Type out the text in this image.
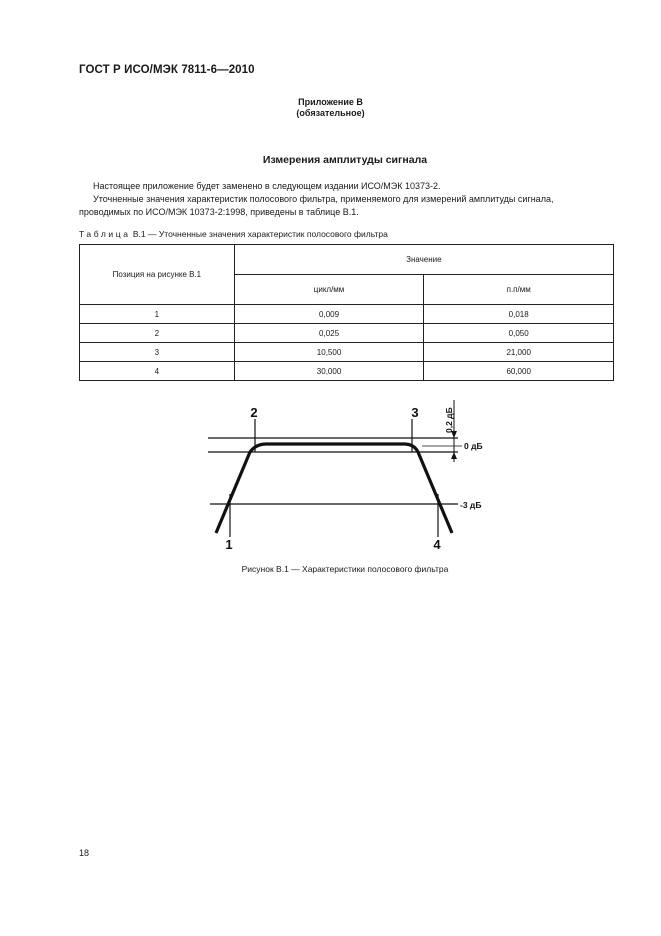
ГОСТ Р ИСО/МЭК 7811-6—2010
Приложение В
(обязательное)
Измерения амплитуды сигнала
Настоящее приложение будет заменено в следующем издании ИСО/МЭК 10373-2.
Уточненные значения характеристик полосового фильтра, применяемого для измерений амплитуды сигнала,
проводимых по ИСО/МЭК 10373-2:1998, приведены в таблице В.1.
Таблица В.1 — Уточненные значения характеристик полосового фильтра
Позиция на рисунке В.1	Значение	
	цикл/мм	п.п/мм
1	0,009	0,018
2	0,025	0,050
3	10,500	21,000
4	30,000	60,000
2	3
1	4
0 дБ
-3 дБ
0,2 дБ
Рисунок В.1 — Характеристики полосового фильтра
18
